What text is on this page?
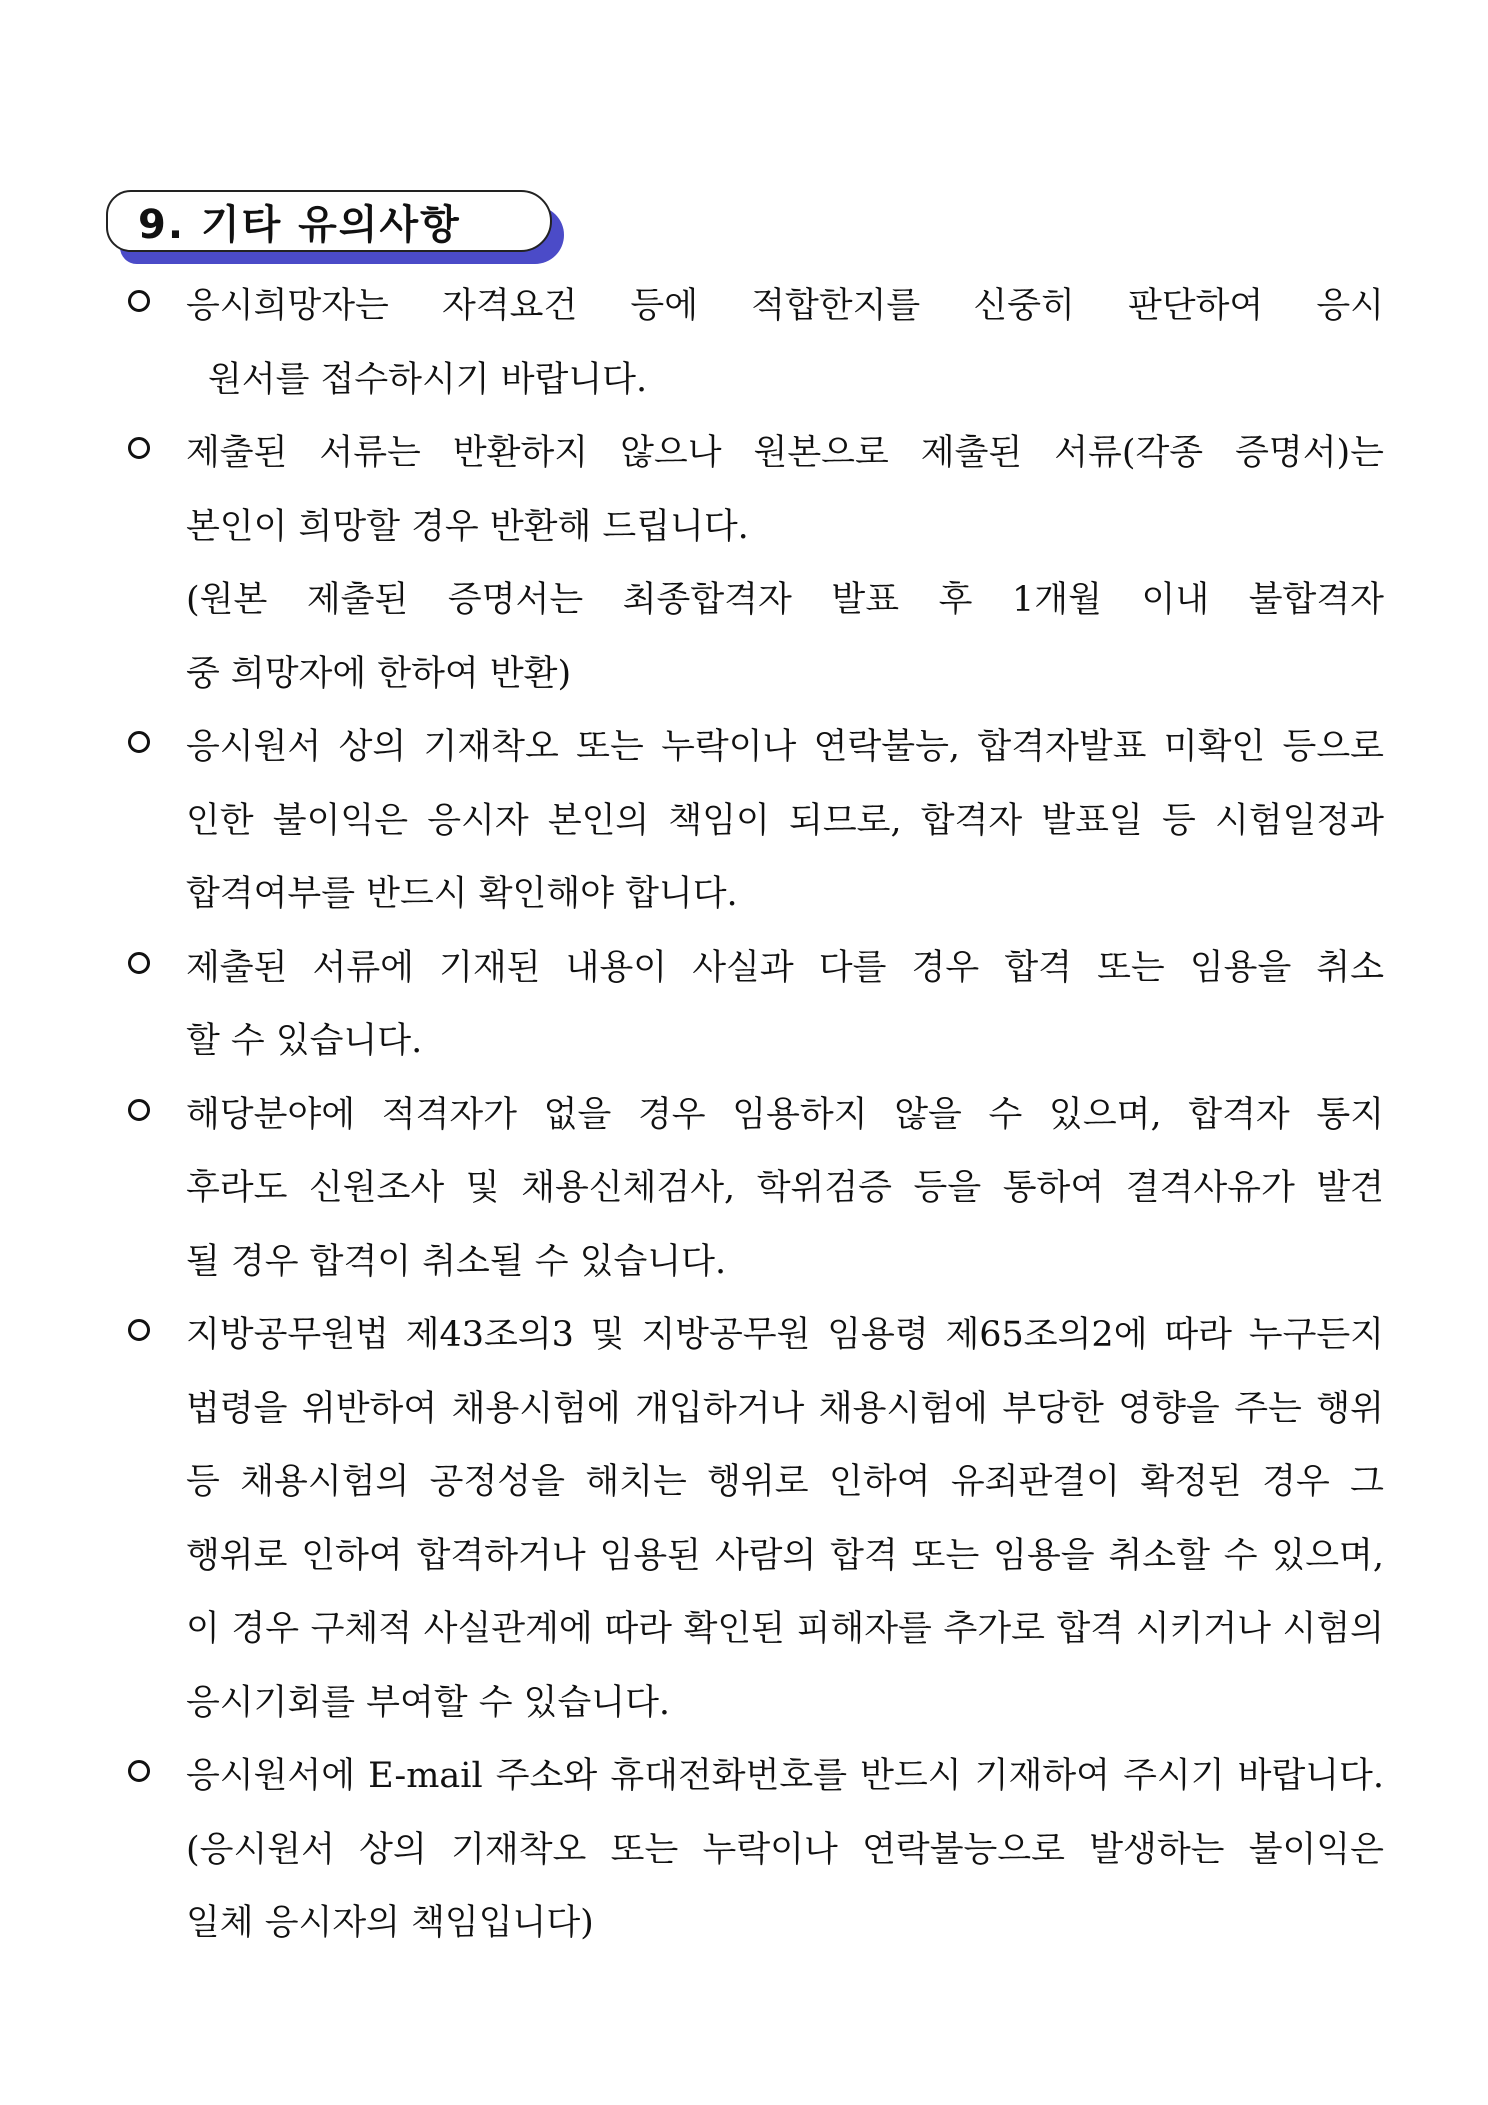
9. 기타 유의사항
응시희망자는 자격요건 등에 적합한지를 신중히 판단하여 응시
원서를 접수하시기 바랍니다.
제출된 서류는 반환하지 않으나 원본으로 제출된 서류(각종 증명서)는
본인이 희망할 경우 반환해 드립니다.
(원본 제출된 증명서는 최종합격자 발표 후 1개월 이내 불합격자
중 희망자에 한하여 반환)
응시원서 상의 기재착오 또는 누락이나 연락불능, 합격자발표 미확인 등으로
인한 불이익은 응시자 본인의 책임이 되므로, 합격자 발표일 등 시험일정과
합격여부를 반드시 확인해야 합니다.
제출된 서류에 기재된 내용이 사실과 다를 경우 합격 또는 임용을 취소
할 수 있습니다.
해당분야에 적격자가 없을 경우 임용하지 않을 수 있으며, 합격자 통지
후라도 신원조사 및 채용신체검사, 학위검증 등을 통하여 결격사유가 발견
될 경우 합격이 취소될 수 있습니다.
지방공무원법 제43조의3 및 지방공무원 임용령 제65조의2에 따라 누구든지
법령을 위반하여 채용시험에 개입하거나 채용시험에 부당한 영향을 주는 행위
등 채용시험의 공정성을 해치는 행위로 인하여 유죄판결이 확정된 경우 그
행위로 인하여 합격하거나 임용된 사람의 합격 또는 임용을 취소할 수 있으며,
이 경우 구체적 사실관계에 따라 확인된 피해자를 추가로 합격 시키거나 시험의
응시기회를 부여할 수 있습니다.
응시원서에 E-mail 주소와 휴대전화번호를 반드시 기재하여 주시기 바랍니다.
(응시원서 상의 기재착오 또는 누락이나 연락불능으로 발생하는 불이익은
일체 응시자의 책임입니다)
